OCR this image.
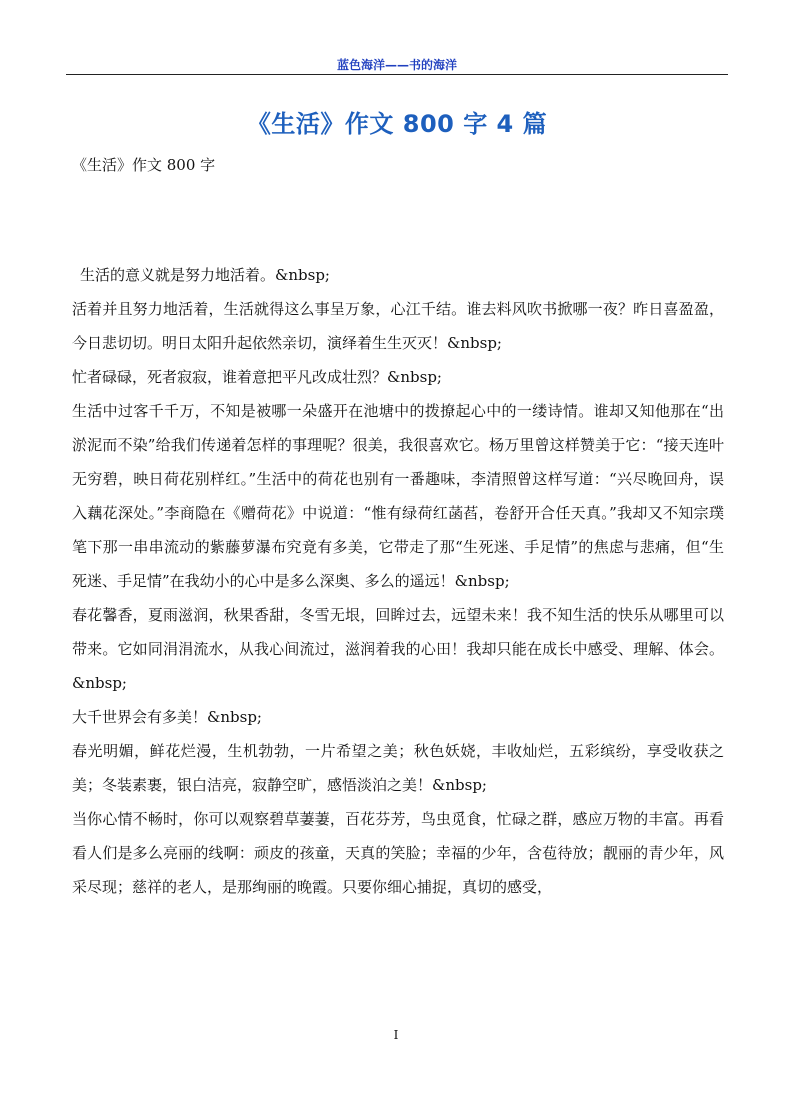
蓝色海洋——书的海洋
《生活》作文 800 字 4 篇
《生活》作文 800 字

生活的意义就是努力地活着。&nbsp;

活着并且努力地活着，生活就得这么事呈万象，心江千结。谁去料风吹书掀哪一夜？昨日喜盈盈，今日悲切切。明日太阳升起依然亲切，演绎着生生灭灭！&nbsp;

忙者碌碌，死者寂寂，谁着意把平凡改成壮烈？&nbsp;

生活中过客千千万，不知是被哪一朵盛开在池塘中的拨撩起心中的一缕诗情。谁却又知他那在“出淤泥而不染”给我们传递着怎样的事理呢？很美，我很喜欢它。杨万里曾这样赞美于它：“接天连叶无穷碧，映日荷花别样红。”生活中的荷花也别有一番趣味，李清照曾这样写道：“兴尽晚回舟，误入藕花深处。”李商隐在《赠荷花》中说道：“惟有绿荷红菡萏，卷舒开合任天真。”我却又不知宗璞笔下那一串串流动的紫藤萝瀑布究竟有多美，它带走了那“生死迷、手足情”的焦虑与悲痛，但“生死迷、手足情”在我幼小的心中是多么深奥、多么的遥远！&nbsp;

春花馨香，夏雨滋润，秋果香甜，冬雪无垠，回眸过去，远望未来！我不知生活的快乐从哪里可以带来。它如同涓涓流水，从我心间流过，滋润着我的心田！我却只能在成长中感受、理解、体会。&nbsp;

大千世界会有多美！&nbsp;

春光明媚，鲜花烂漫，生机勃勃，一片希望之美；秋色妖娆，丰收灿烂，五彩缤纷，享受收获之美；冬装素裹，银白洁亮，寂静空旷，感悟淡泊之美！&nbsp;

当你心情不畅时，你可以观察碧草萋萋，百花芬芳，鸟虫觅食，忙碌之群，感应万物的丰富。再看看人们是多么亮丽的线啊：顽皮的孩童，天真的笑脸；幸福的少年，含苞待放；靓丽的青少年，风采尽现；慈祥的老人，是那绚丽的晚霞。只要你细心捕捉，真切的感受，

I
